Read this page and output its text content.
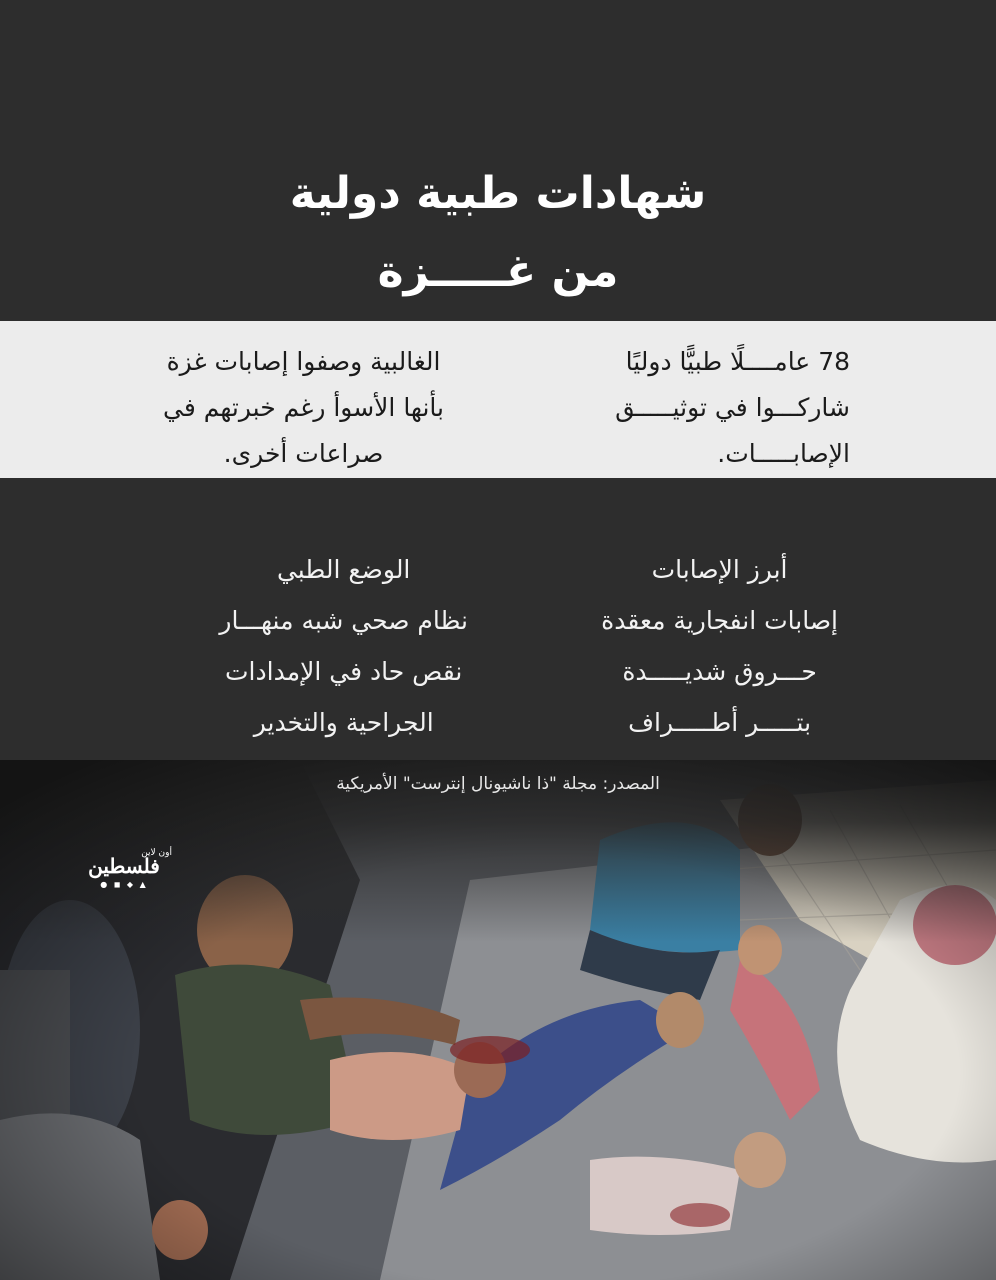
أون لاين
فلسطين
● ◼ ◆ ▲
شهادات طبية دولية
من غـــــزة
78 عامــــلًا طبيًّا دوليًا
شاركـــوا في توثيـــــق
الإصابـــــات.
الغالبية وصفوا إصابات غزة
بأنها الأسوأ رغم خبرتهم في
صراعات أخرى.
أبرز الإصابات
إصابات انفجارية معقدة
حـــروق شديـــــدة
بتـــــر أطـــــراف
الوضع الطبي
نظام صحي شبه منهـــار
نقص حاد في الإمدادات
الجراحية والتخدير
المصدر: مجلة "ذا ناشيونال إنترست" الأمريكية
